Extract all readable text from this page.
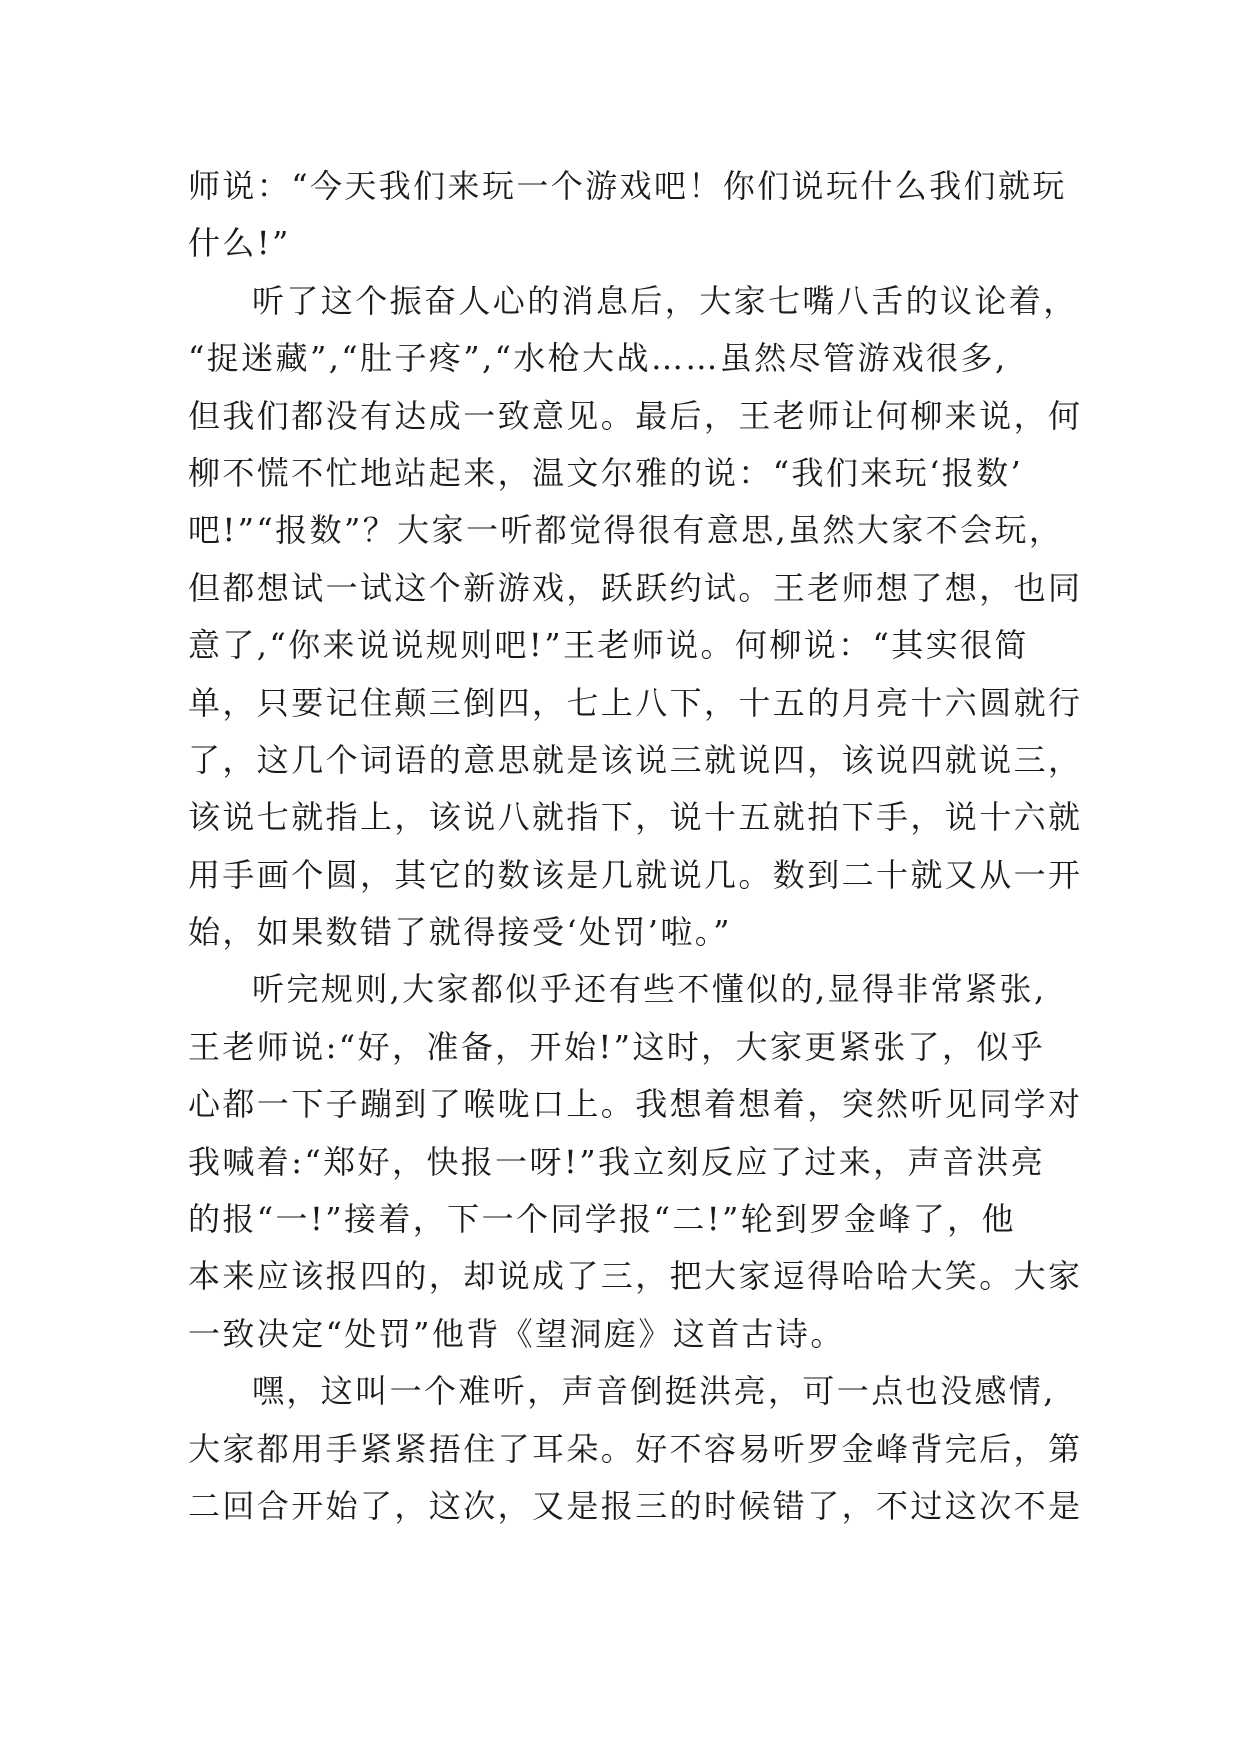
师说：“今天我们来玩一个游戏吧！你们说玩什么我们就玩
什么!”
听了这个振奋人心的消息后，大家七嘴八舌的议论着，
“捉迷藏”,“肚子疼”,“水枪大战……虽然尽管游戏很多,
但我们都没有达成一致意见。最后，王老师让何柳来说，何
柳不慌不忙地站起来，温文尔雅的说：“我们来玩‘报数’
吧!”“报数”？大家一听都觉得很有意思,虽然大家不会玩，
但都想试一试这个新游戏，跃跃约试。王老师想了想，也同
意了,“你来说说规则吧!”王老师说。何柳说：“其实很简
单，只要记住颠三倒四，七上八下，十五的月亮十六圆就行
了，这几个词语的意思就是该说三就说四，该说四就说三，
该说七就指上，该说八就指下，说十五就拍下手，说十六就
用手画个圆，其它的数该是几就说几。数到二十就又从一开
始，如果数错了就得接受‘处罚’啦。”
听完规则,大家都似乎还有些不懂似的,显得非常紧张,
王老师说:“好，准备，开始!”这时，大家更紧张了，似乎
心都一下子蹦到了喉咙口上。我想着想着，突然听见同学对
我喊着:“郑好，快报一呀!”我立刻反应了过来，声音洪亮
的报“一!”接着，下一个同学报“二!”轮到罗金峰了，他
本来应该报四的，却说成了三，把大家逗得哈哈大笑。大家
一致决定“处罚”他背《望洞庭》这首古诗。
嘿，这叫一个难听，声音倒挺洪亮，可一点也没感情,
大家都用手紧紧捂住了耳朵。好不容易听罗金峰背完后，第
二回合开始了，这次，又是报三的时候错了，不过这次不是
